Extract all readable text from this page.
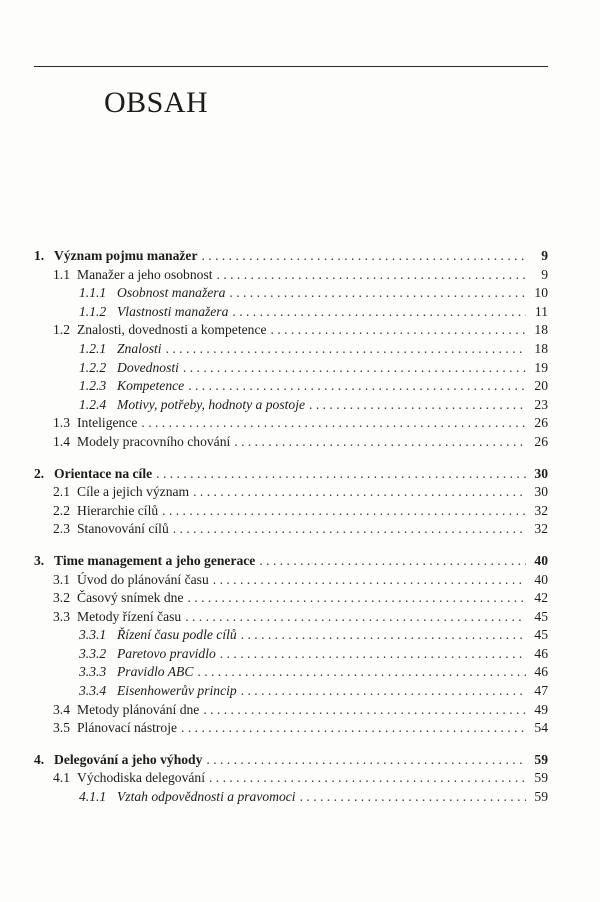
OBSAH
1. Význam pojmu manažer . . .	9
1.1 Manažer a jeho osobnost . . .	9
1.1.1 Osobnost manažera . . .	10
1.1.2 Vlastnosti manažera . . .	11
1.2 Znalosti, dovednosti a kompetence . . .	18
1.2.1 Znalosti . . .	18
1.2.2 Dovednosti . . .	19
1.2.3 Kompetence . . .	20
1.2.4 Motivy, potřeby, hodnoty a postoje . . .	23
1.3 Inteligence . . .	26
1.4 Modely pracovního chování . . .	26
2. Orientace na cíle . . .	30
2.1 Cíle a jejich význam . . .	30
2.2 Hierarchie cílů . . .	32
2.3 Stanovování cílů . . .	32
3. Time management a jeho generace . . .	40
3.1 Úvod do plánování času . . .	40
3.2 Časový snímek dne . . .	42
3.3 Metody řízení času . . .	45
3.3.1 Řízení času podle cílů . . .	45
3.3.2 Paretovo pravidlo . . .	46
3.3.3 Pravidlo ABC . . .	46
3.3.4 Eisenhowerův princip . . .	47
3.4 Metody plánování dne . . .	49
3.5 Plánovací nástroje . . .	54
4. Delegování a jeho výhody . . .	59
4.1 Východiska delegování . . .	59
4.1.1 Vztah odpovědnosti a pravomoci . . .	59
